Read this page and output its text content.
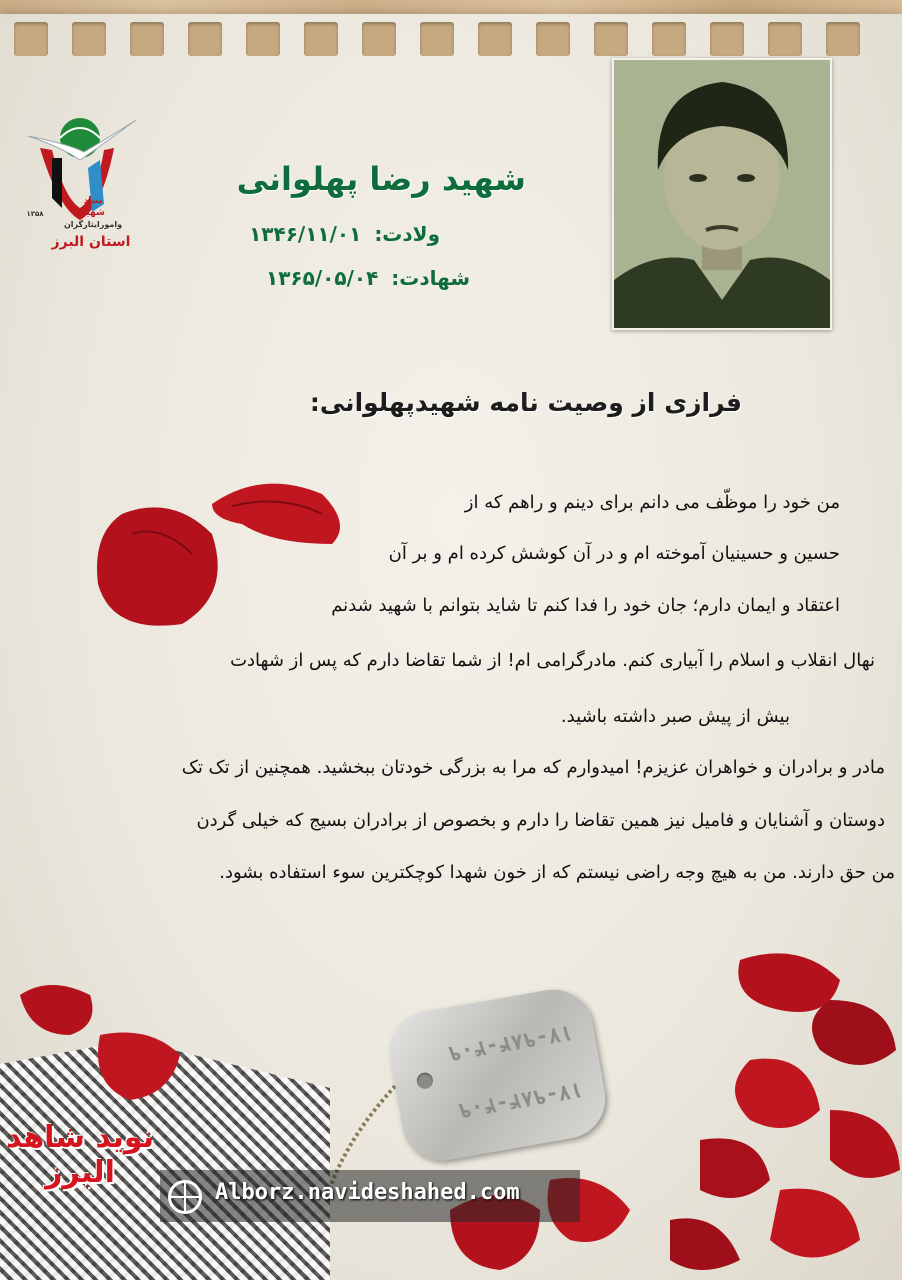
بنیاد
شهید
وامورایثارگران
۱۳۵۸
استان البرز
شهید رضا پهلوانی
ولادت: ۱۳۴۶/۱۱/۰۱
شهادت: ۱۳۶۵/۰۵/۰۴
فرازی از وصیت نامه شهیدپهلوانی:
من خود را موظّف می دانم برای دینم و راهم که از
حسین و حسینیان آموخته ام و در آن کوشش کرده ام و بر آن
اعتقاد و ایمان دارم؛ جان خود را فدا کنم تا شاید بتوانم با شهید شدنم
نهال انقلاب و اسلام را آبیاری کنم. مادرگرامی ام! از شما تقاضا دارم که پس از شهادت
بیش از پیش صبر داشته باشید.
مادر و برادران و خواهران عزیزم! امیدوارم که مرا به بزرگی خودتان ببخشید. همچنین از تک تک
دوستان و آشنایان و فامیل نیز همین تقاضا را دارم و بخصوص از برادران بسیج که خیلی گردن
من حق دارند. من به هیچ وجه راضی نیستم که از خون شهدا کوچکترین سوء استفاده بشود.
۱۷-۹۸۴-۴۰۹
۱۷-۹۸۴-۴۰۹
Alborz.navideshahed.com
نوید شاهد البرز
